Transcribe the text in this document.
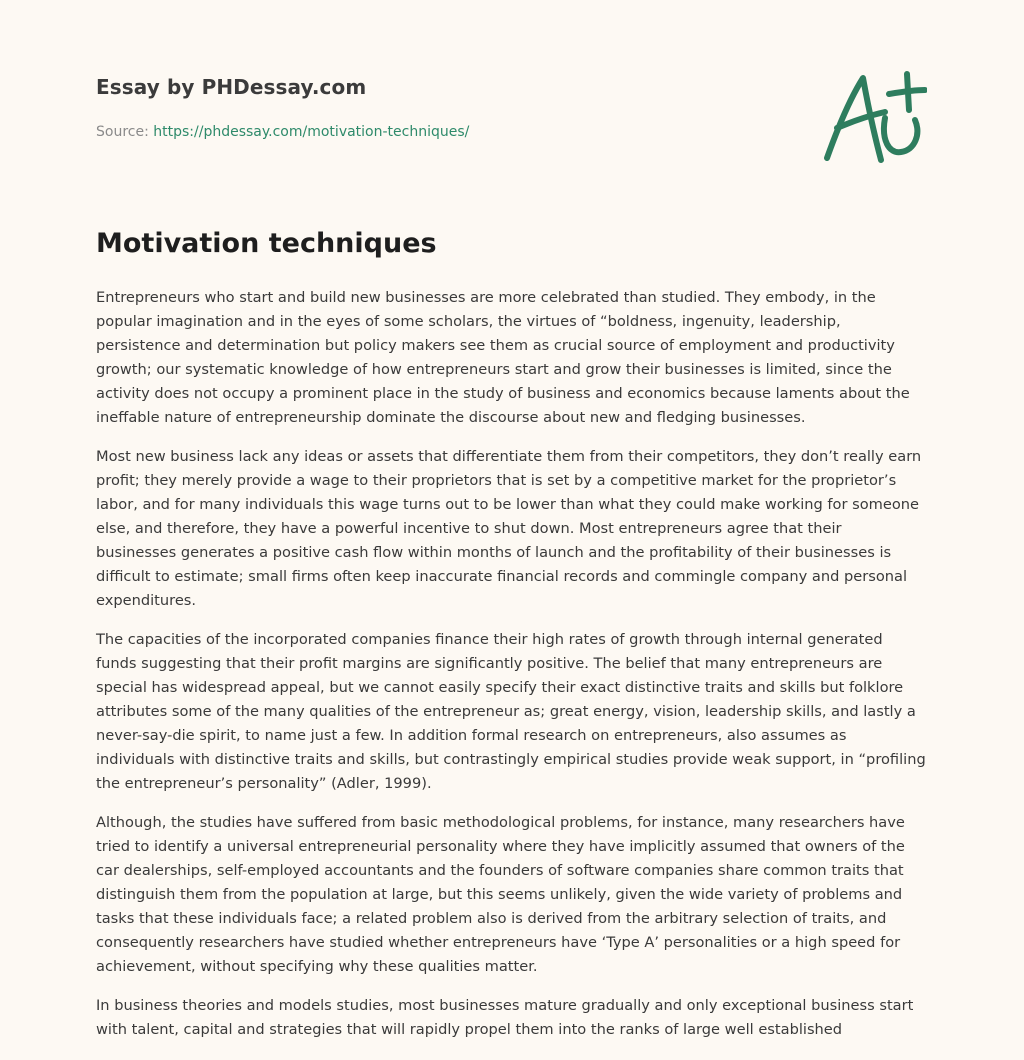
Essay by PHDessay.com
Source: https://phdessay.com/motivation-techniques/
Motivation techniques

Entrepreneurs who start and build new businesses are more celebrated than studied. They embody, in the popular imagination and in the eyes of some scholars, the virtues of “boldness, ingenuity, leadership, persistence and determination but policy makers see them as crucial source of employment and productivity growth; our systematic knowledge of how entrepreneurs start and grow their businesses is limited, since the activity does not occupy a prominent place in the study of business and economics because laments about the ineffable nature of entrepreneurship dominate the discourse about new and fledging businesses.

Most new business lack any ideas or assets that differentiate them from their competitors, they don’t really earn profit; they merely provide a wage to their proprietors that is set by a competitive market for the proprietor’s labor, and for many individuals this wage turns out to be lower than what they could make working for someone else, and therefore, they have a powerful incentive to shut down. Most entrepreneurs agree that their businesses generates a positive cash flow within months of launch and the profitability of their businesses is difficult to estimate; small firms often keep inaccurate financial records and commingle company and personal expenditures.

The capacities of the incorporated companies finance their high rates of growth through internal generated funds suggesting that their profit margins are significantly positive. The belief that many entrepreneurs are special has widespread appeal, but we cannot easily specify their exact distinctive traits and skills but folklore attributes some of the many qualities of the entrepreneur as; great energy, vision, leadership skills, and lastly a never-say-die spirit, to name just a few. In addition formal research on entrepreneurs, also assumes as individuals with distinctive traits and skills, but contrastingly empirical studies provide weak support, in “profiling the entrepreneur’s personality” (Adler, 1999).

Although, the studies have suffered from basic methodological problems, for instance, many researchers have tried to identify a universal entrepreneurial personality where they have implicitly assumed that owners of the car dealerships, self-employed accountants and the founders of software companies share common traits that distinguish them from the population at large, but this seems unlikely, given the wide variety of problems and tasks that these individuals face; a related problem also is derived from the arbitrary selection of traits, and consequently researchers have studied whether entrepreneurs have ‘Type A’ personalities or a high speed for achievement, without specifying why these qualities matter.

In business theories and models studies, most businesses mature gradually and only exceptional business start with talent, capital and strategies that will rapidly propel them into the ranks of large well established
